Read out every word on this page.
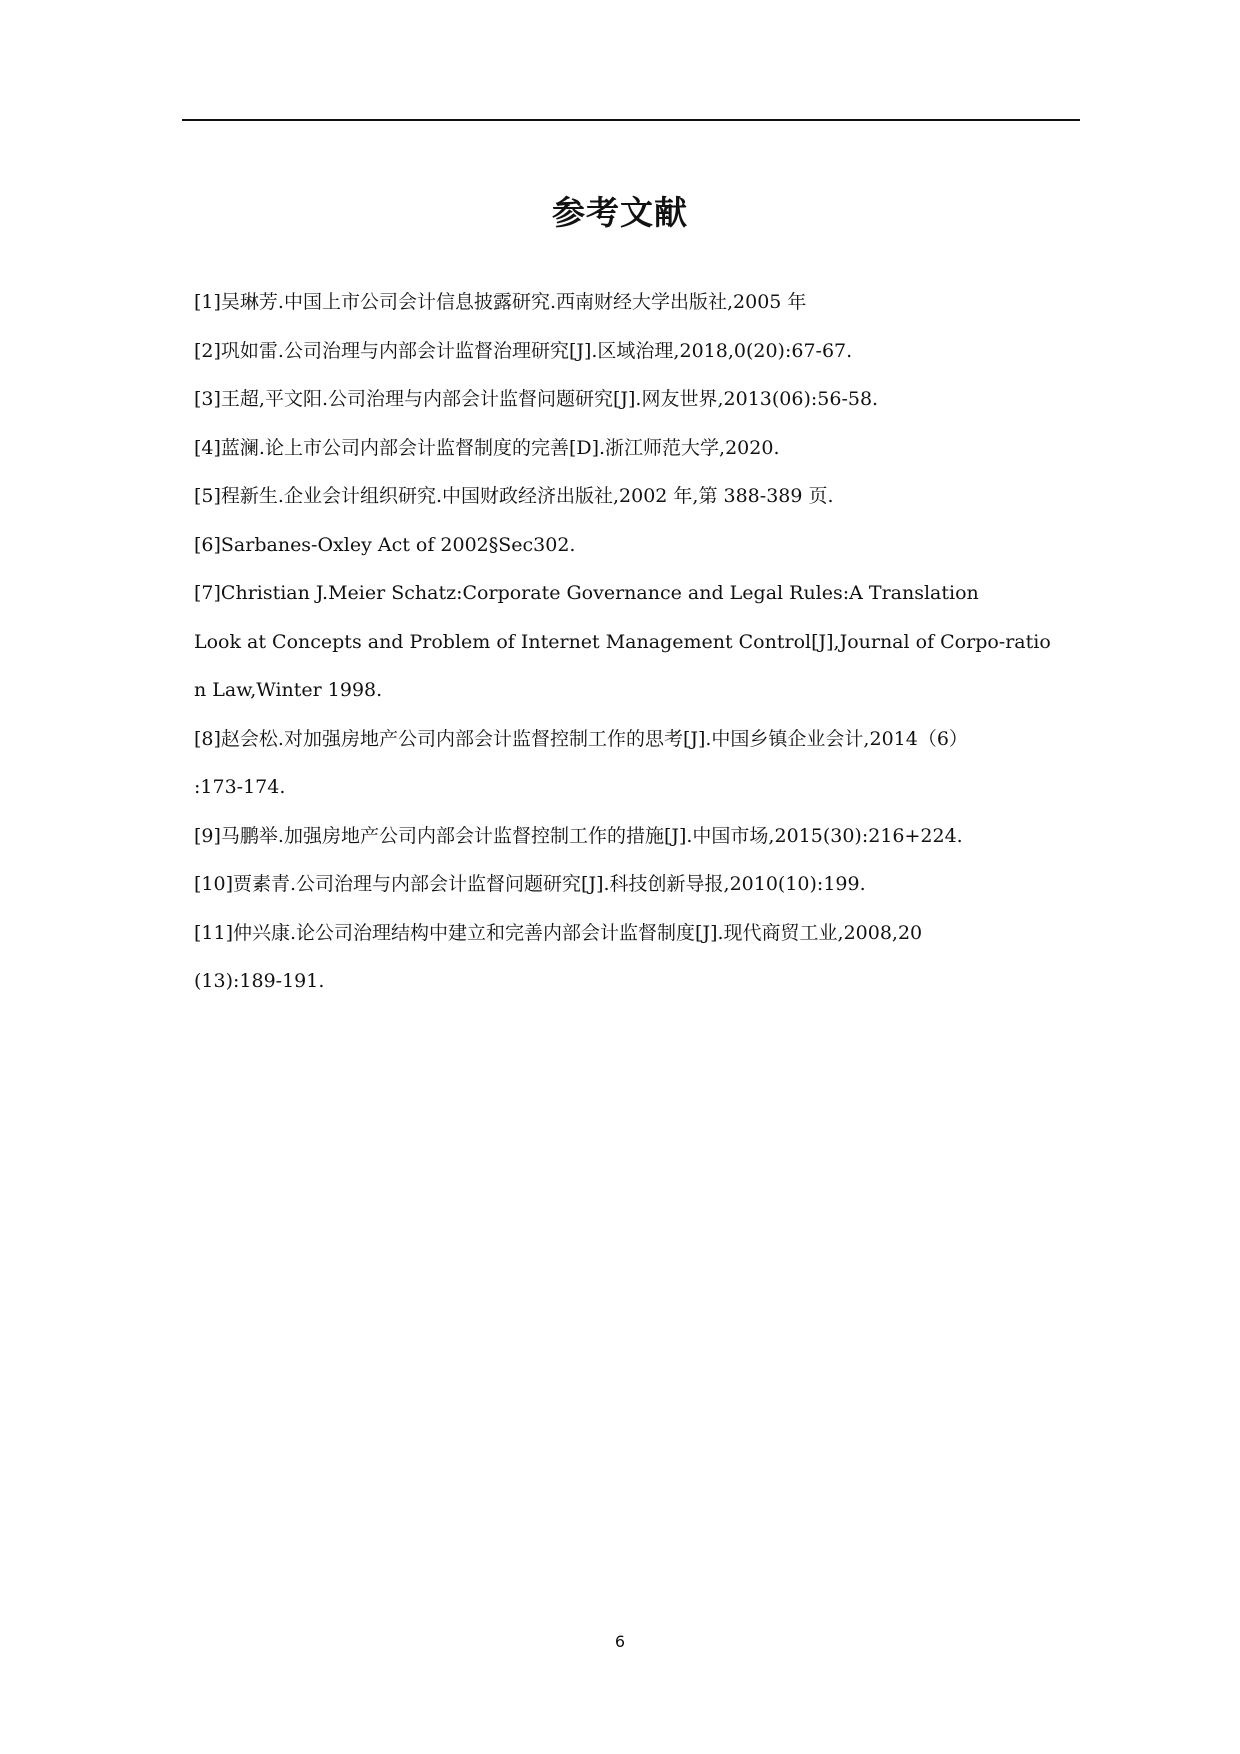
参考文献
[1]吴琳芳.中国上市公司会计信息披露研究.西南财经大学出版社,2005 年
[2]巩如雷.公司治理与内部会计监督治理研究[J].区域治理,2018,0(20):67-67.
[3]王超,平文阳.公司治理与内部会计监督问题研究[J].网友世界,2013(06):56-58.
[4]蓝澜.论上市公司内部会计监督制度的完善[D].浙江师范大学,2020.
[5]程新生.企业会计组织研究.中国财政经济出版社,2002 年,第 388-389 页.
[6]Sarbanes-Oxley Act of 2002§Sec302.
[7]Christian J.Meier Schatz:Corporate Governance and Legal Rules:A Translation
Look at Concepts and Problem of Internet Management Control[J],Journal of Corpo-ratio
n Law,Winter 1998.
[8]赵会松.对加强房地产公司内部会计监督控制工作的思考[J].中国乡镇企业会计,2014（6）
:173-174.
[9]马鹏举.加强房地产公司内部会计监督控制工作的措施[J].中国市场,2015(30):216+224.
[10]贾素青.公司治理与内部会计监督问题研究[J].科技创新导报,2010(10):199.
[11]仲兴康.论公司治理结构中建立和完善内部会计监督制度[J].现代商贸工业,2008,20
(13):189-191.
6
